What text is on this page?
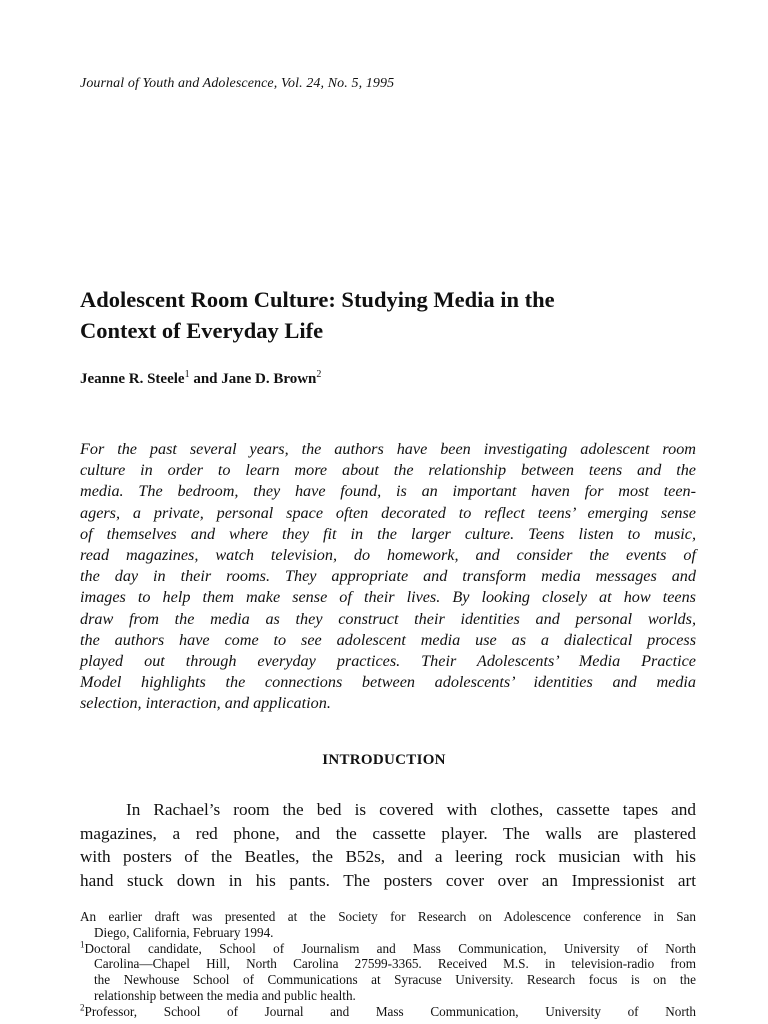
Journal of Youth and Adolescence, Vol. 24, No. 5, 1995
Adolescent Room Culture: Studying Media in the
Context of Everyday Life
Jeanne R. Steele$^1$ and Jane D. Brown$^2$
For the past several years, the authors have been investigating adolescent room
culture in order to learn more about the relationship between teens and the
media. The bedroom, they have found, is an important haven for most teen-
agers, a private, personal space often decorated to reflect teens’ emerging sense
of themselves and where they fit in the larger culture. Teens listen to music,
read magazines, watch television, do homework, and consider the events of
the day in their rooms. They appropriate and transform media messages and
images to help them make sense of their lives. By looking closely at how teens
draw from the media as they construct their identities and personal worlds,
the authors have come to see adolescent media use as a dialectical process
played out through everyday practices. Their Adolescents’ Media Practice
Model highlights the connections between adolescents’ identities and media
selection, interaction, and application.
INTRODUCTION
In Rachael’s room the bed is covered with clothes, cassette tapes and
magazines, a red phone, and the cassette player. The walls are plastered
with posters of the Beatles, the B52s, and a leering rock musician with his
hand stuck down in his pants. The posters cover over an Impressionist art
An earlier draft was presented at the Society for Research on Adolescence conference in San
Diego, California, February 1994.
$^1$Doctoral candidate, School of Journalism and Mass Communication, University of North
Carolina—Chapel Hill, North Carolina 27599-3365. Received M.S. in television-radio from
the Newhouse School of Communications at Syracuse University. Research focus is on the
relationship between the media and public health.
$^2$Professor,  School  of  Journal  and  Mass  Communication,  University  of  North
